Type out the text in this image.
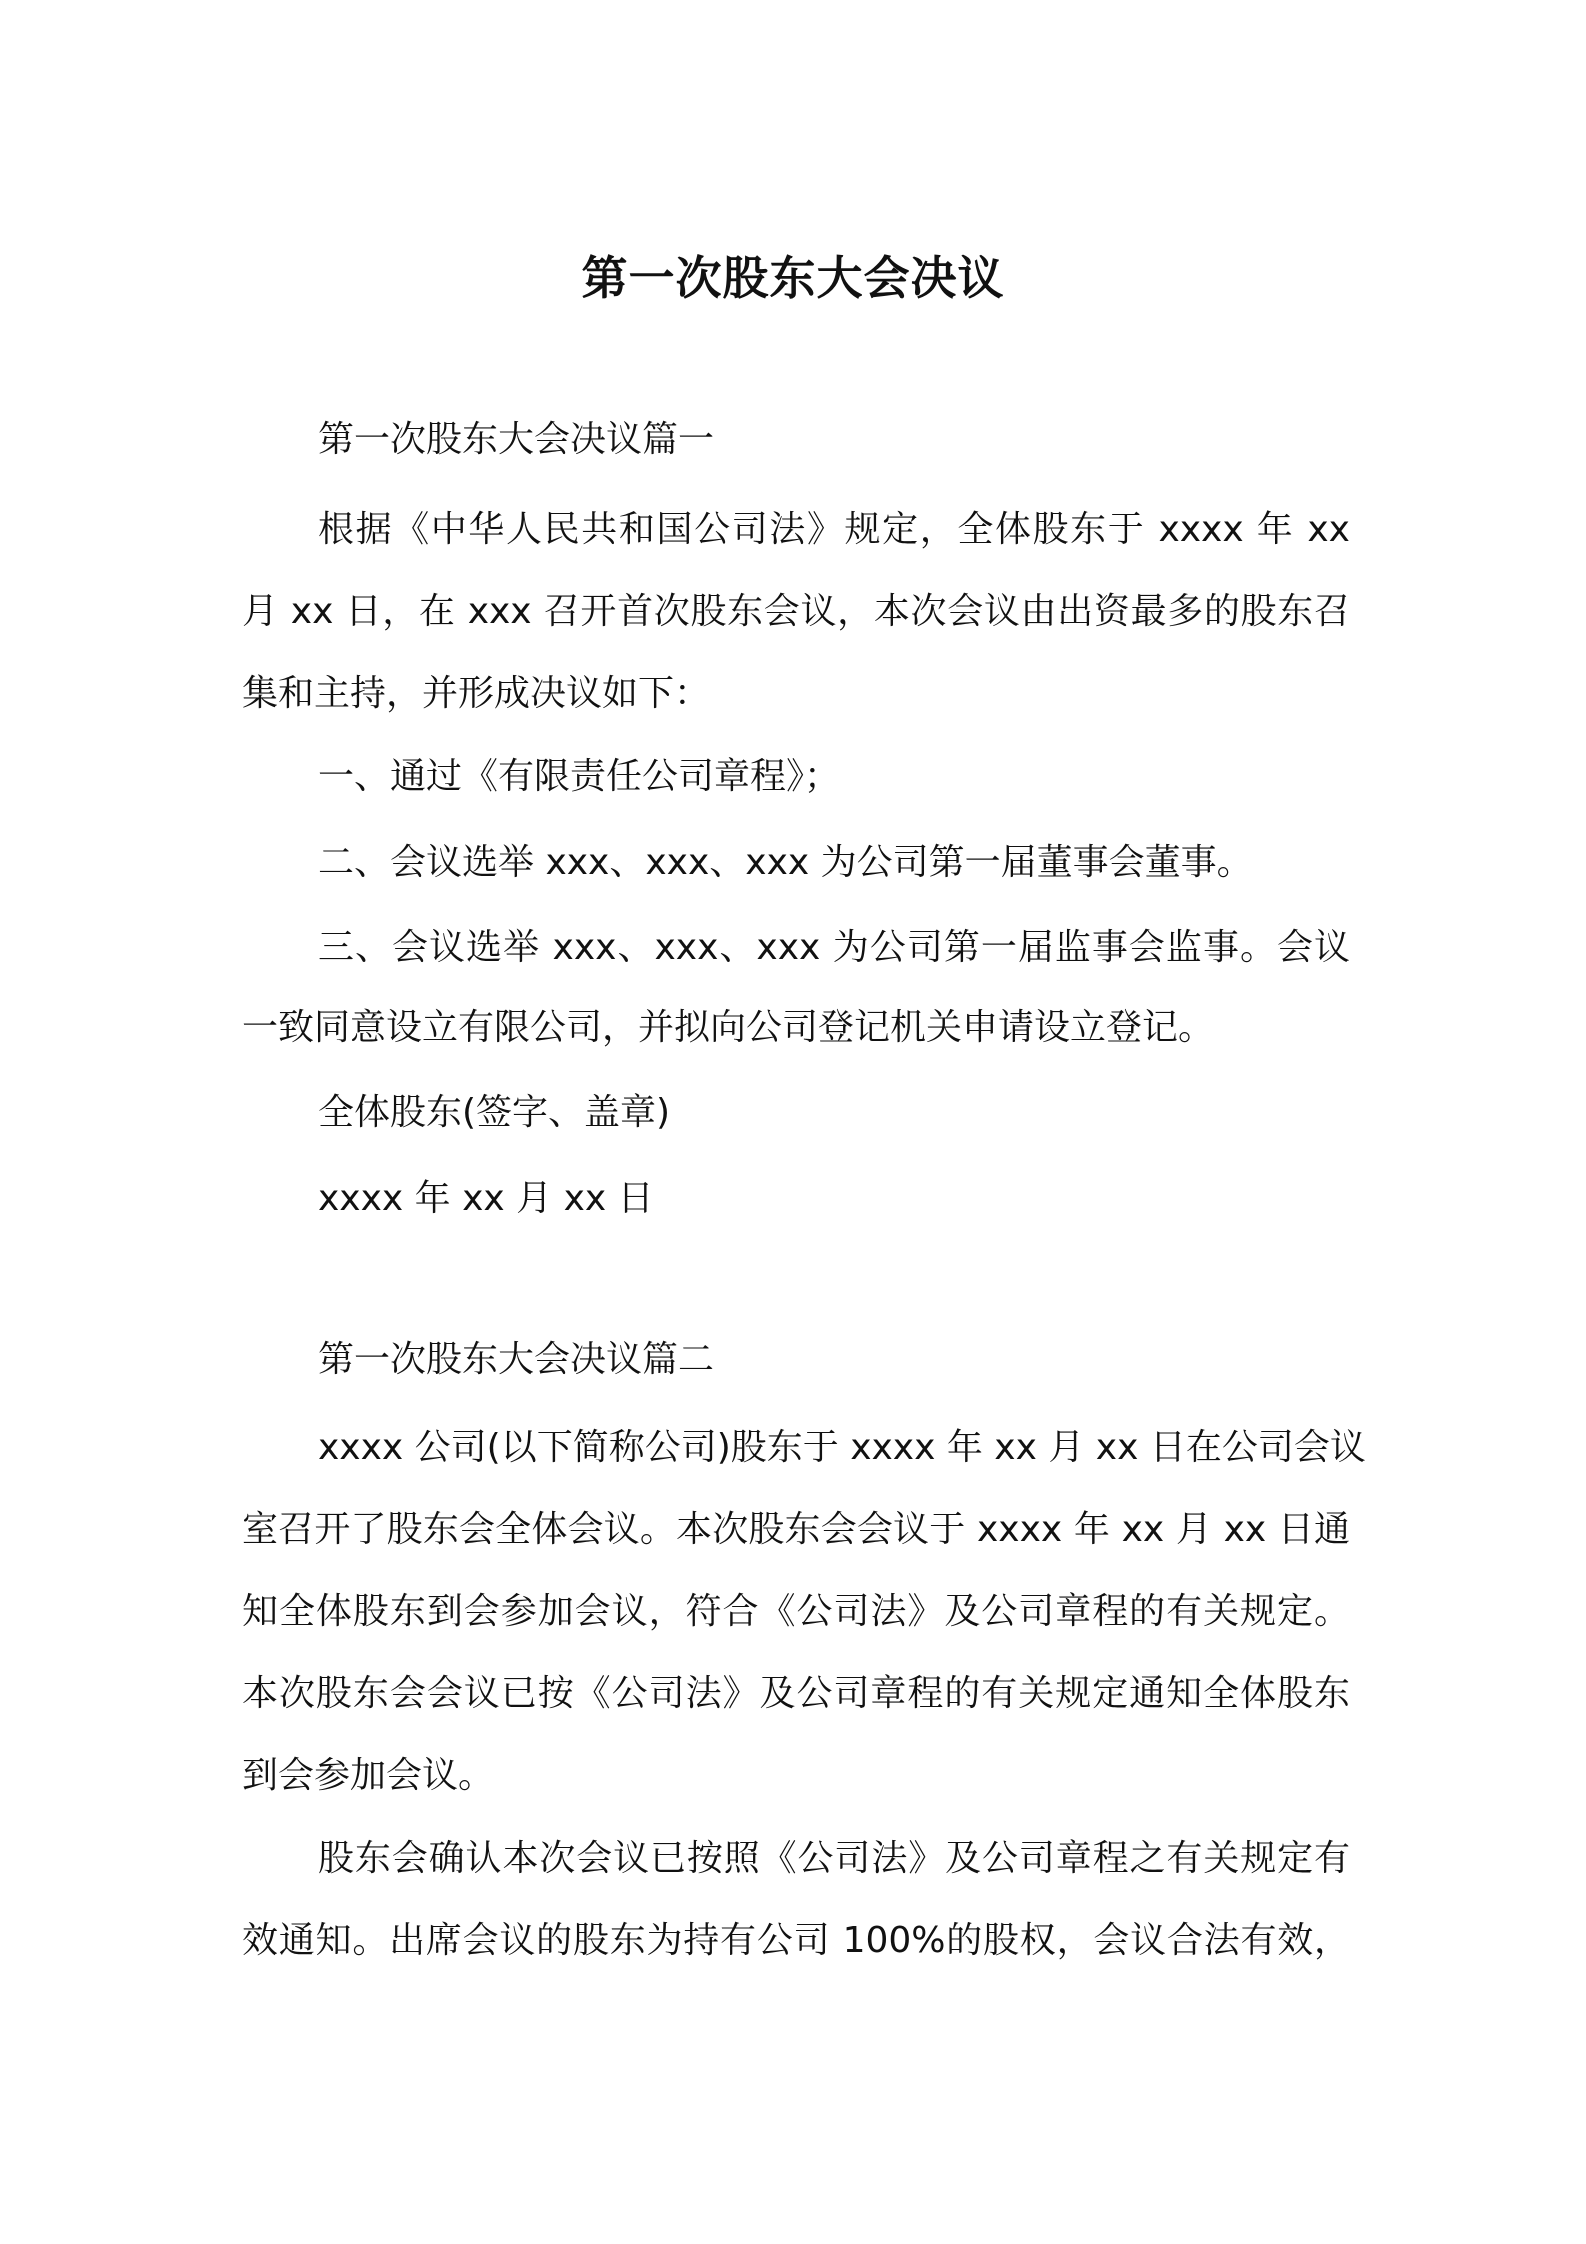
第一次股东大会决议

第一次股东大会决议篇一

根据《中华人民共和国公司法》规定，全体股东于 xxxx 年 xx

月 xx 日，在 xxx 召开首次股东会议，本次会议由出资最多的股东召

集和主持，并形成决议如下：

一、通过《有限责任公司章程》；

二、会议选举 xxx、xxx、xxx 为公司第一届董事会董事。

三、会议选举 xxx、xxx、xxx 为公司第一届监事会监事。会议

一致同意设立有限公司，并拟向公司登记机关申请设立登记。

全体股东(签字、盖章)

xxxx 年 xx 月 xx 日

第一次股东大会决议篇二

xxxx 公司(以下简称公司)股东于 xxxx 年 xx 月 xx 日在公司会议

室召开了股东会全体会议。本次股东会会议于 xxxx 年 xx 月 xx 日通

知全体股东到会参加会议，符合《公司法》及公司章程的有关规定。

本次股东会会议已按《公司法》及公司章程的有关规定通知全体股东

到会参加会议。

股东会确认本次会议已按照《公司法》及公司章程之有关规定有

效通知。出席会议的股东为持有公司 100%的股权，会议合法有效，
